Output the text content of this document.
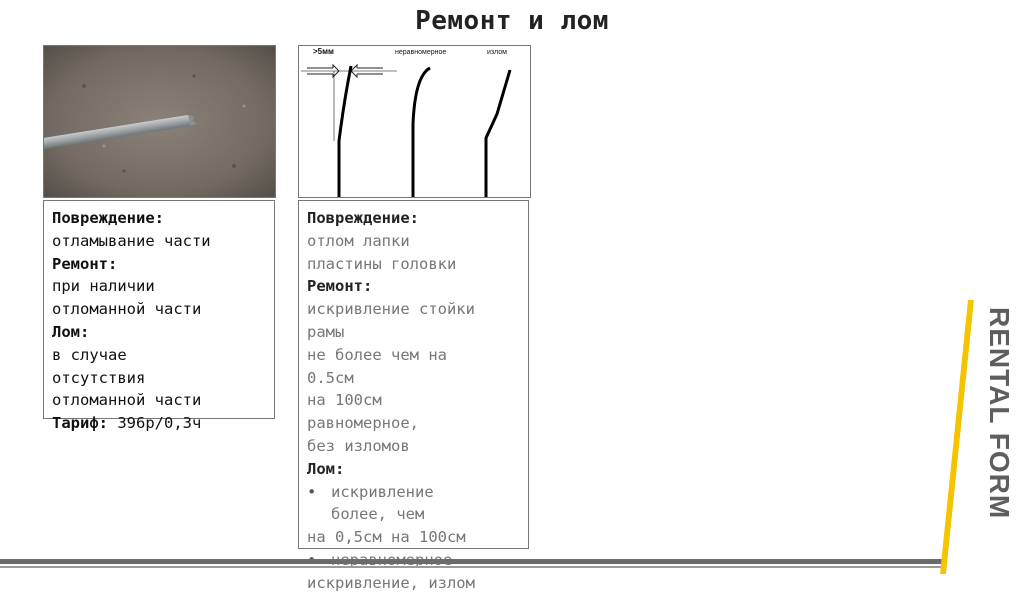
Ремонт и лом
>5мм	неравномерное	излом
Повреждение:
отламывание части
Ремонт:
при наличии
отломанной части
Лом:
в случае
отсутствия
отломанной части
Тариф: 396р/0,3ч
Повреждение:
отлом лапки
пластины головки
Ремонт:
искривление стойки
рамы
не более чем на
0.5см
на 100см
равномерное,
без изломов
Лом:
• искривление
более, чем
на 0,5см на 100см
искривление, излом
RENTAL FORM
